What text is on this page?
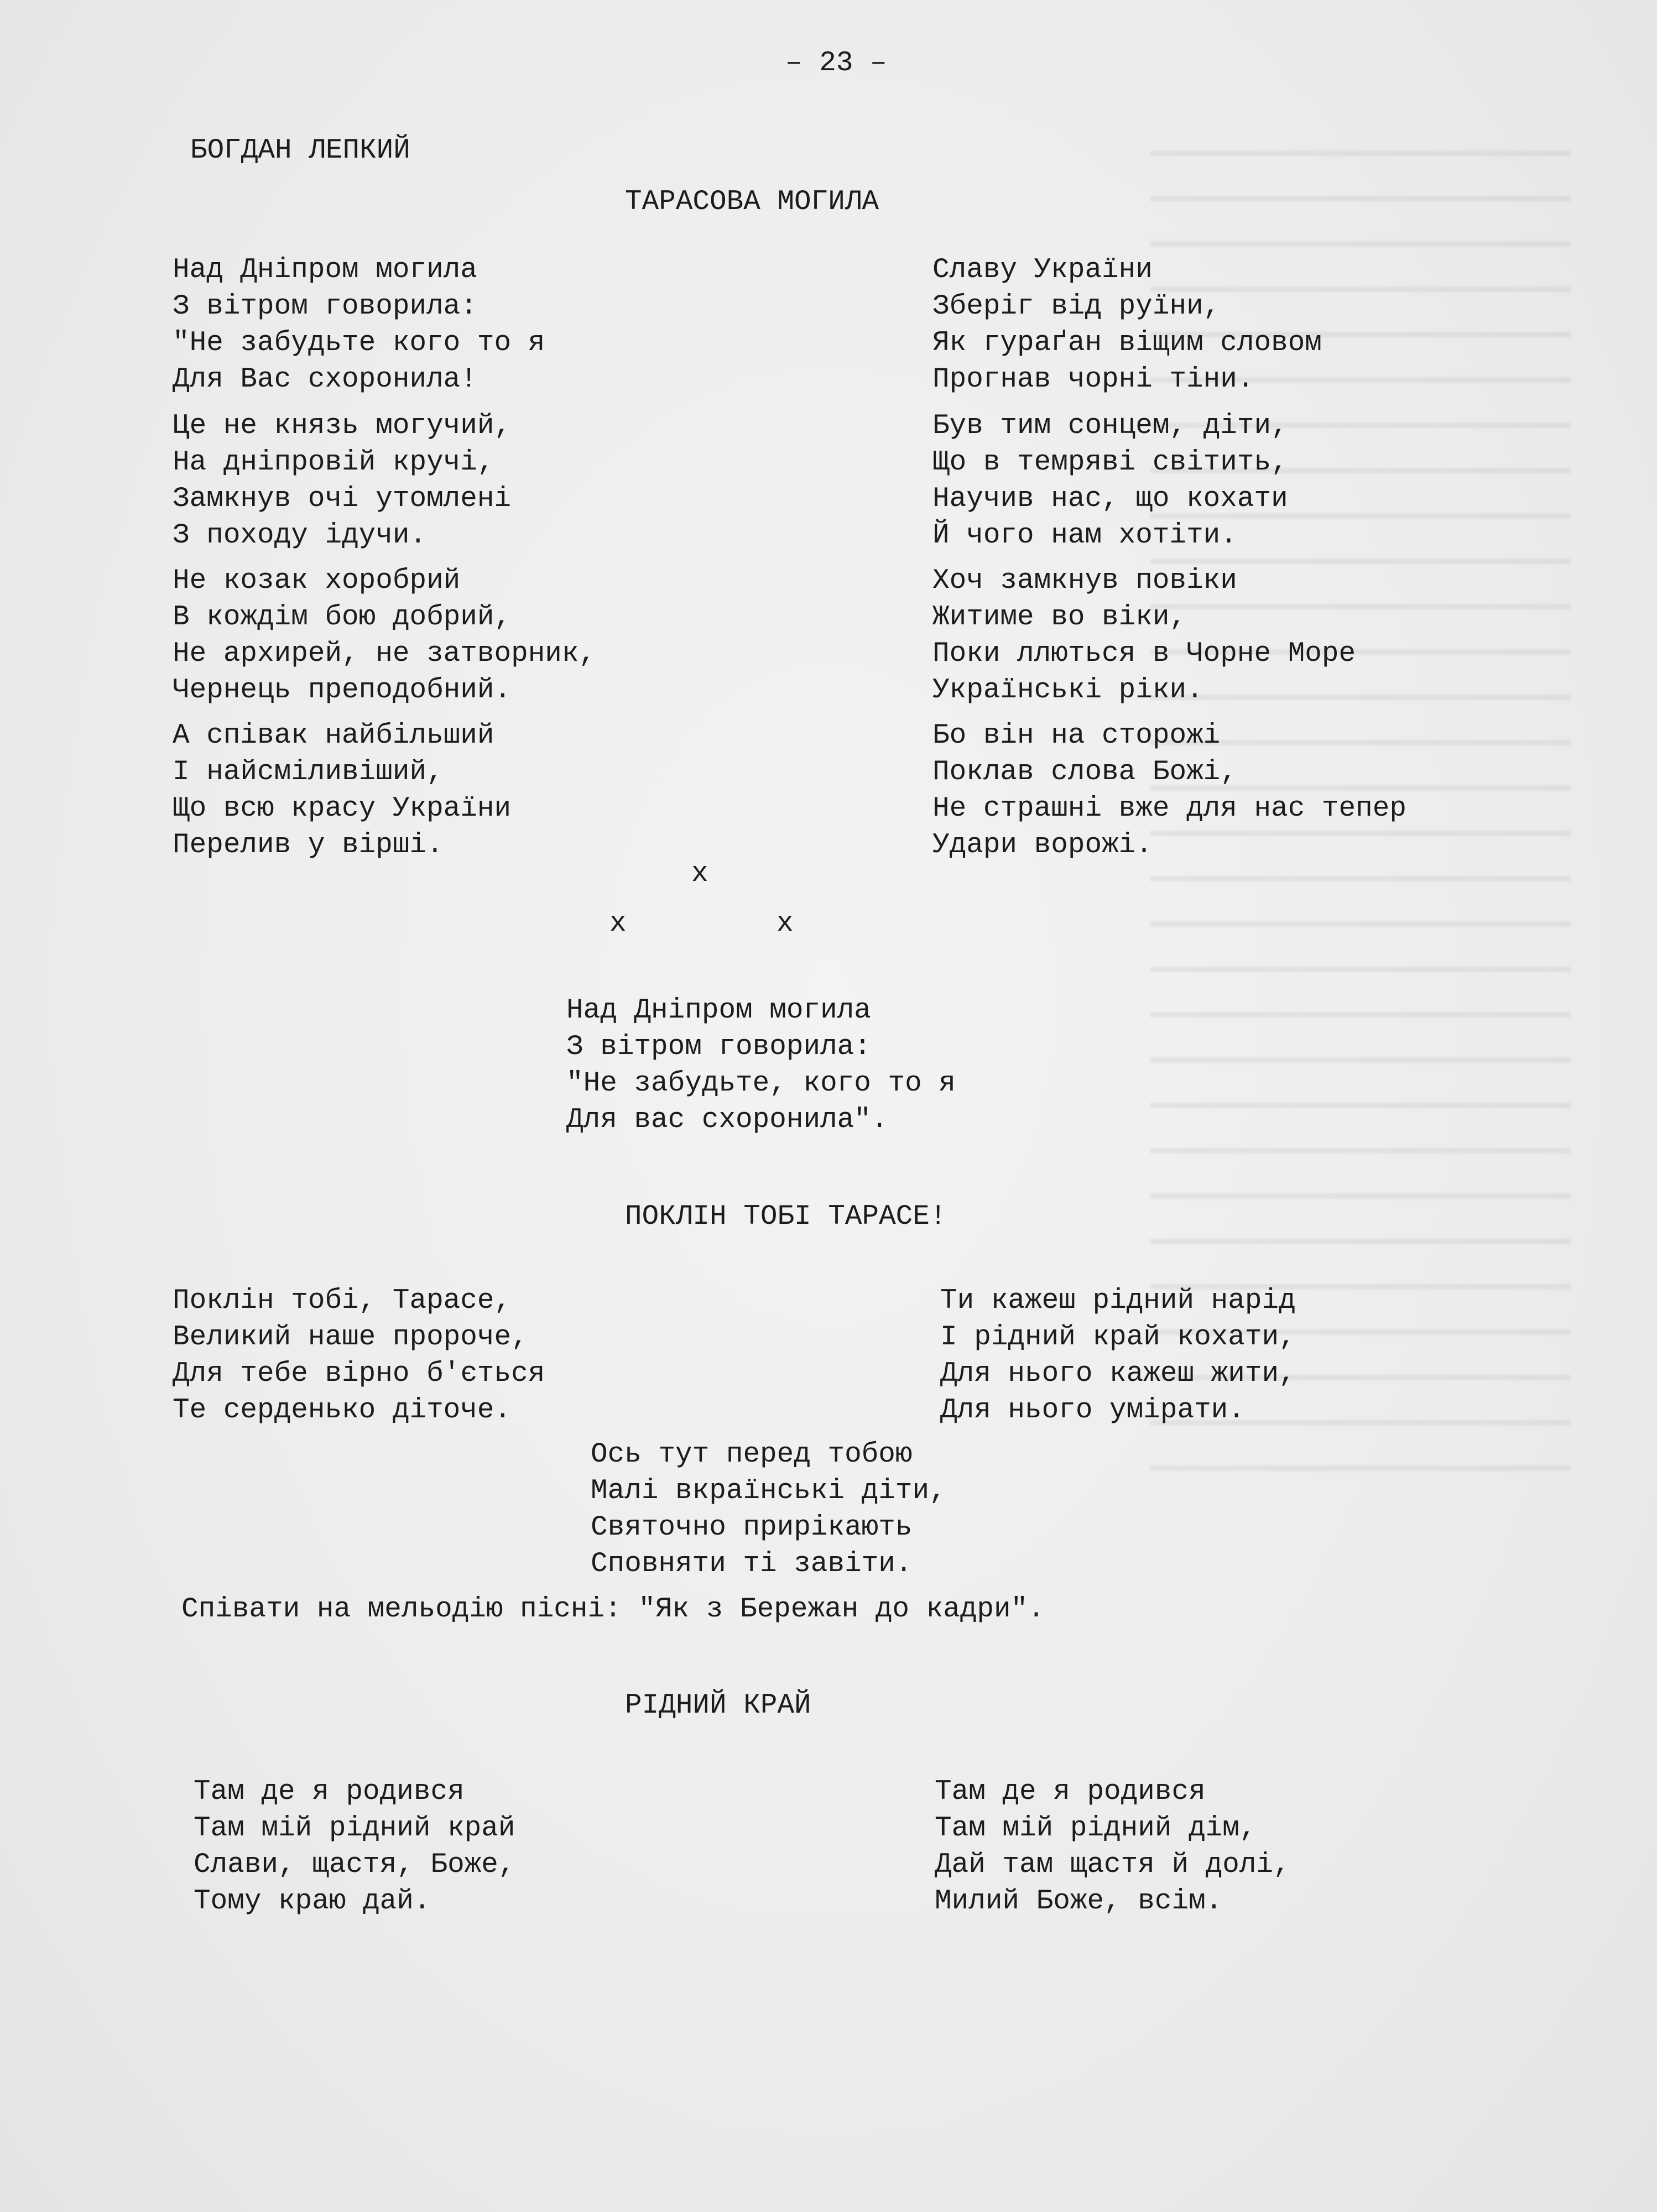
– 23 –
БОГДАН ЛЕПКИЙ
ТАРАСОВА МОГИЛА
Над Дніпром могила
З вітром говорила:
"Не забудьте кого то я
Для Вас схоронила!
Це не князь могучий,
На дніпровій кручі,
Замкнув очі утомлені
З походу ідучи.
Не козак хоробрий
В кождім бою добрий,
Не архирей, не затворник,
Чернець преподобний.
А співак найбільший
І найсміливіший,
Що всю красу України
Перелив у вірші.
Славу України
Зберіг від руїни,
Як гураґан віщим словом
Прогнав чорні тіни.
Був тим сонцем, діти,
Що в темряві світить,
Научив нас, що кохати
Й чого нам хотіти.
Хоч замкнув повіки
Житиме во віки,
Поки ллються в Чорне Море
Українські ріки.
Бо він на сторожі
Поклав слова Божі,
Не страшні вже для нас тепер
Удари ворожі.
x
x	x
Над Дніпром могила
З вітром говорила:
"Не забудьте, кого то я
Для вас схоронила".
ПОКЛІН ТОБІ ТАРАСЕ!
Поклін тобі, Тарасе,
Великий наше пророче,
Для тебе вірно б'ється
Те серденько діточе.
Ти кажеш рідний нарід
І рідний край кохати,
Для нього кажеш жити,
Для нього умірати.
Ось тут перед тобою
Малі вкраїнські діти,
Святочно прирікають
Сповняти ті завіти.
Співати на мельодію пісні: "Як з Бережан до кадри".
РІДНИЙ КРАЙ
Там де я родився
Там мій рідний край
Слави, щастя, Боже,
Тому краю дай.
Там де я родився
Там мій рідний дім,
Дай там щастя й долі,
Милий Боже, всім.
